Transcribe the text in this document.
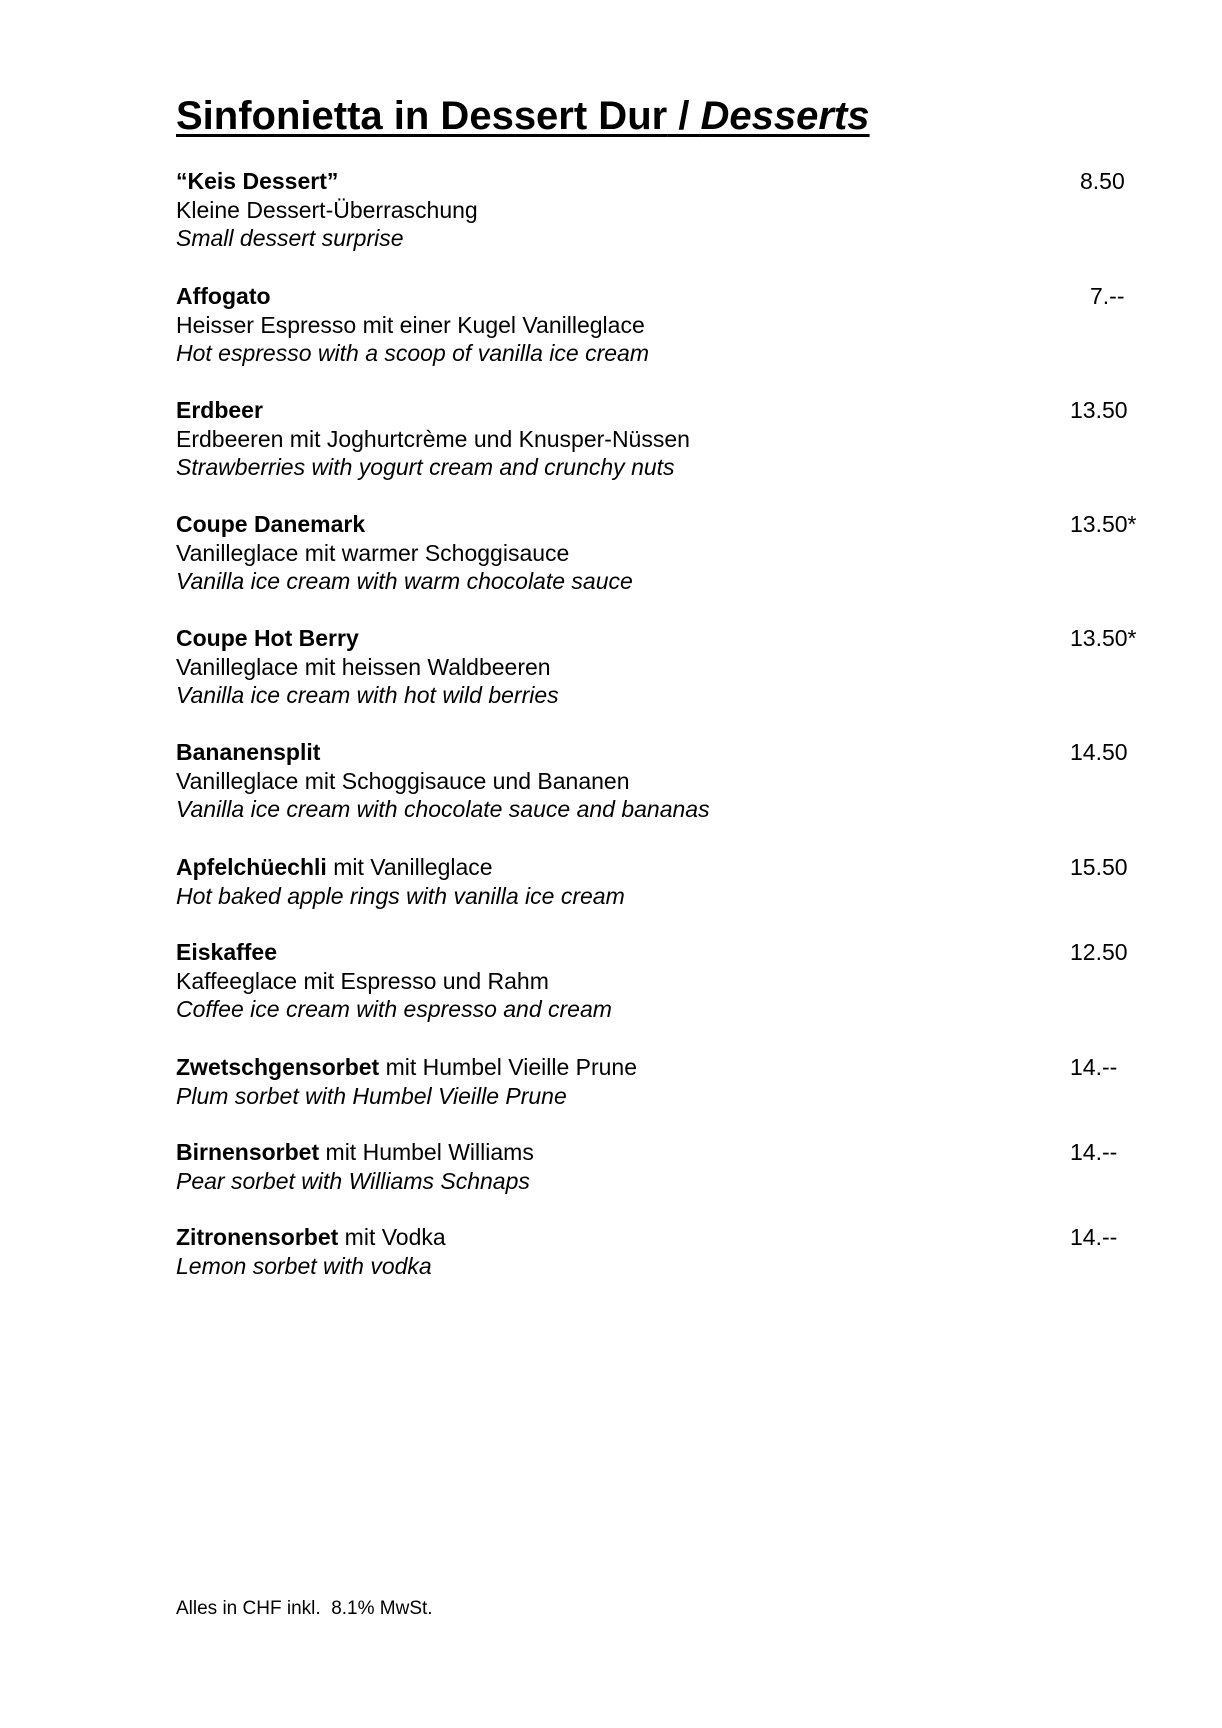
Sinfonietta in Dessert Dur / Desserts
“Keis Dessert”	8.50
Kleine Dessert-Überraschung
Small dessert surprise
Affogato	7.--
Heisser Espresso mit einer Kugel Vanilleglace
Hot espresso with a scoop of vanilla ice cream
Erdbeer	13.50
Erdbeeren mit Joghurtcrème und Knusper-Nüssen
Strawberries with yogurt cream and crunchy nuts
Coupe Danemark	13.50*
Vanilleglace mit warmer Schoggisauce
Vanilla ice cream with warm chocolate sauce
Coupe Hot Berry	13.50*
Vanilleglace mit heissen Waldbeeren
Vanilla ice cream with hot wild berries
Bananensplit	14.50
Vanilleglace mit Schoggisauce und Bananen
Vanilla ice cream with chocolate sauce and bananas
Apfelchüechli mit Vanilleglace	15.50
Hot baked apple rings with vanilla ice cream
Eiskaffee	12.50
Kaffeeglace mit Espresso und Rahm
Coffee ice cream with espresso and cream
Zwetschgensorbet mit Humbel Vieille Prune	14.--
Plum sorbet with Humbel Vieille Prune
Birnensorbet mit Humbel Williams	14.--
Pear sorbet with Williams Schnaps
Zitronensorbet mit Vodka	14.--
Lemon sorbet with vodka
Alles in CHF inkl.  8.1% MwSt.
